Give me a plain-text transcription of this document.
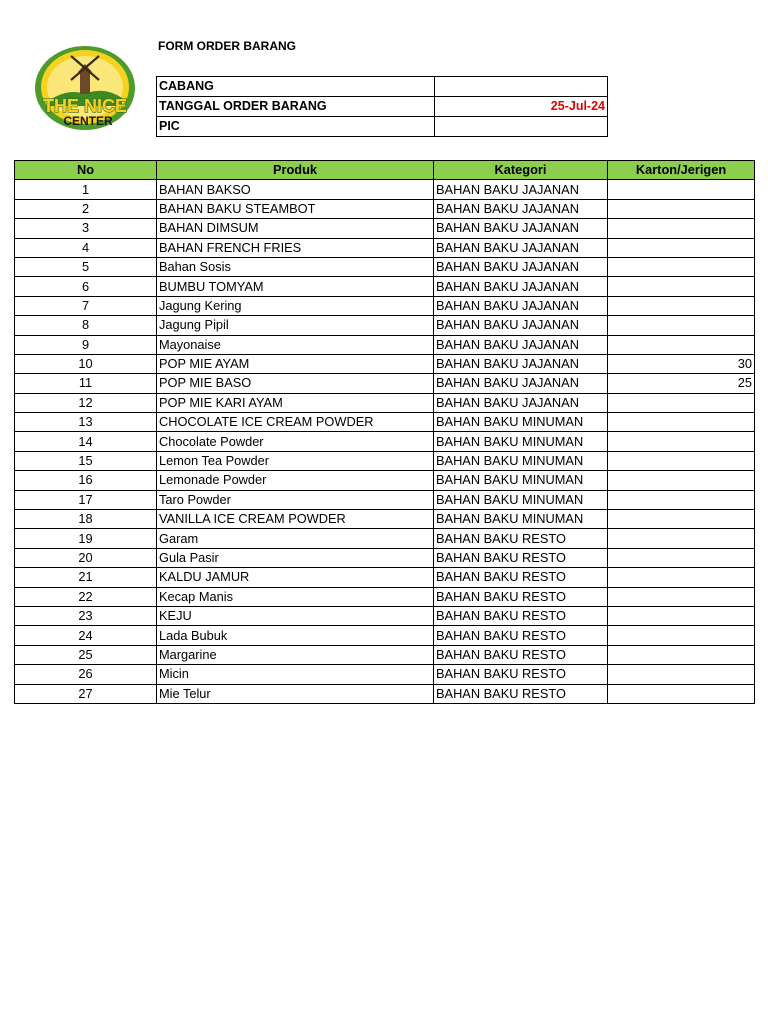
THE NICE
CENTER
FORM ORDER BARANG
CABANG	
TANGGAL ORDER BARANG	25-Jul-24
PIC	
No	Produk	Kategori	Karton/Jerigen
1	BAHAN BAKSO	BAHAN BAKU JAJANAN	
2	BAHAN BAKU STEAMBOT	BAHAN BAKU JAJANAN	
3	BAHAN DIMSUM	BAHAN BAKU JAJANAN	
4	BAHAN FRENCH FRIES	BAHAN BAKU JAJANAN	
5	Bahan Sosis	BAHAN BAKU JAJANAN	
6	BUMBU TOMYAM	BAHAN BAKU JAJANAN	
7	Jagung Kering	BAHAN BAKU JAJANAN	
8	Jagung Pipil	BAHAN BAKU JAJANAN	
9	Mayonaise	BAHAN BAKU JAJANAN	
10	POP MIE AYAM	BAHAN BAKU JAJANAN	30
11	POP MIE BASO	BAHAN BAKU JAJANAN	25
12	POP MIE KARI AYAM	BAHAN BAKU JAJANAN	
13	CHOCOLATE ICE CREAM POWDER	BAHAN BAKU MINUMAN	
14	Chocolate Powder	BAHAN BAKU MINUMAN	
15	Lemon Tea Powder	BAHAN BAKU MINUMAN	
16	Lemonade Powder	BAHAN BAKU MINUMAN	
17	Taro Powder	BAHAN BAKU MINUMAN	
18	VANILLA ICE CREAM POWDER	BAHAN BAKU MINUMAN	
19	Garam	BAHAN BAKU RESTO	
20	Gula Pasir	BAHAN BAKU RESTO	
21	KALDU JAMUR	BAHAN BAKU RESTO	
22	Kecap Manis	BAHAN BAKU RESTO	
23	KEJU	BAHAN BAKU RESTO	
24	Lada Bubuk	BAHAN BAKU RESTO	
25	Margarine	BAHAN BAKU RESTO	
26	Micin	BAHAN BAKU RESTO	
27	Mie Telur	BAHAN BAKU RESTO	
